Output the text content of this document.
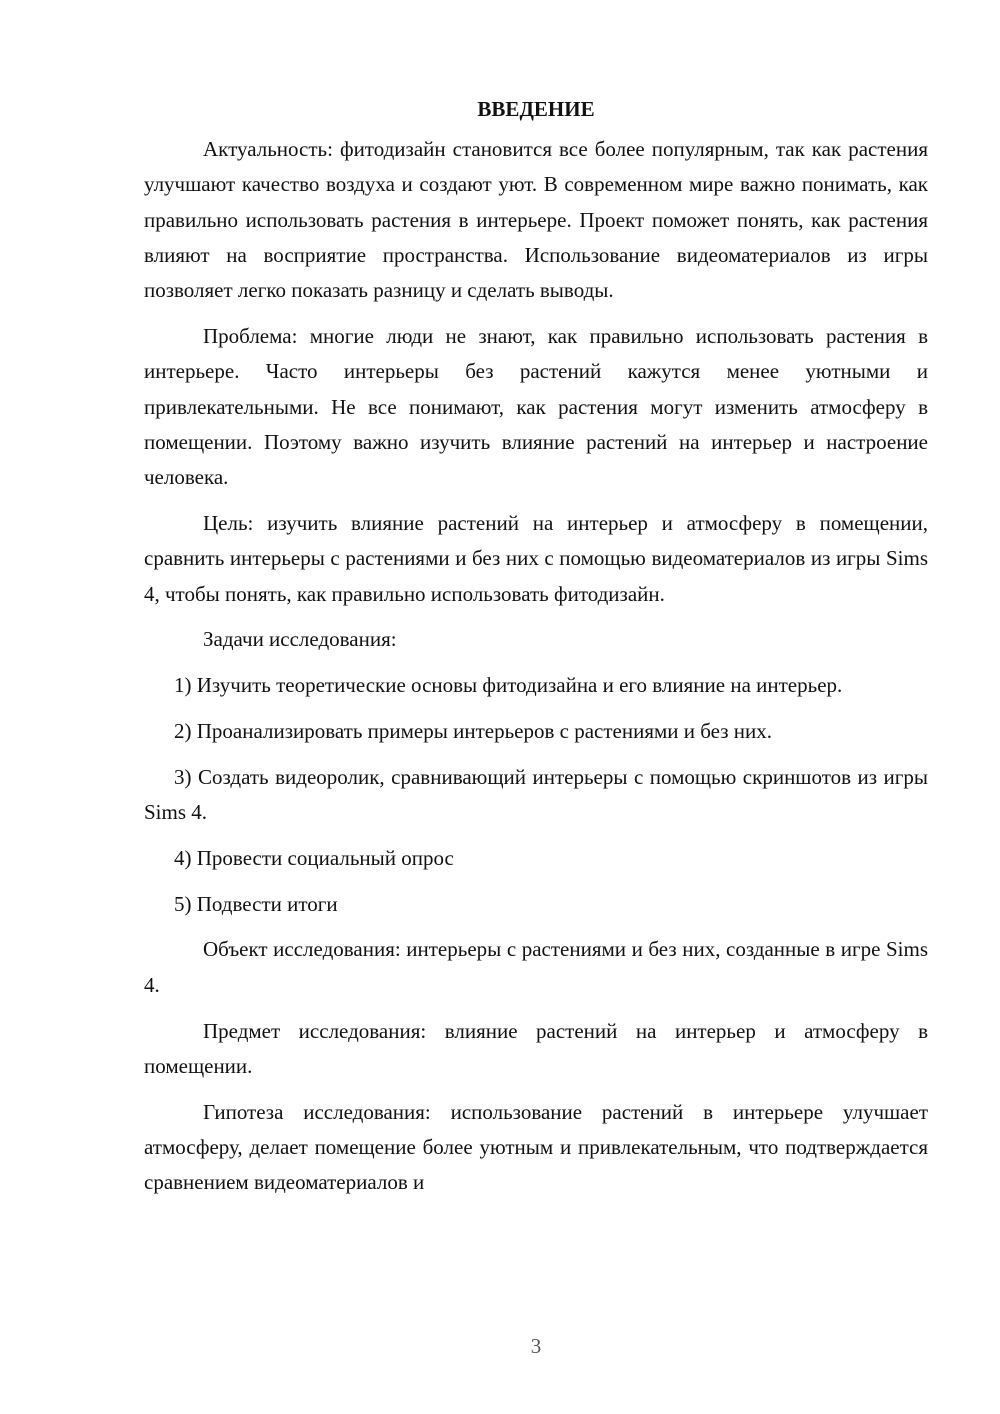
ВВЕДЕНИЕ

Актуальность: фитодизайн становится все более популярным, так как растения улучшают качество воздуха и создают уют. В современном мире важно понимать, как правильно использовать растения в интерьере. Проект поможет понять, как растения влияют на восприятие пространства. Использование видеоматериалов из игры позволяет легко показать разницу и сделать выводы.

Проблема: многие люди не знают, как правильно использовать растения в интерьере. Часто интерьеры без растений кажутся менее уютными и привлекательными. Не все понимают, как растения могут изменить атмосферу в помещении. Поэтому важно изучить влияние растений на интерьер и настроение человека.

Цель: изучить влияние растений на интерьер и атмосферу в помещении, сравнить интерьеры с растениями и без них с помощью видеоматериалов из игры Sims 4, чтобы понять, как правильно использовать фитодизайн.

Задачи исследования:

1) Изучить теоретические основы фитодизайна и его влияние на интерьер.

2) Проанализировать примеры интерьеров с растениями и без них.

3) Создать видеоролик, сравнивающий интерьеры с помощью скриншотов из игры Sims 4.

4) Провести социальный опрос

5) Подвести итоги

Объект исследования: интерьеры с растениями и без них, созданные в игре Sims 4.

Предмет исследования: влияние растений на интерьер и атмосферу в помещении.

Гипотеза исследования: использование растений в интерьере улучшает атмосферу, делает помещение более уютным и привлекательным, что подтверждается сравнением видеоматериалов и

3
